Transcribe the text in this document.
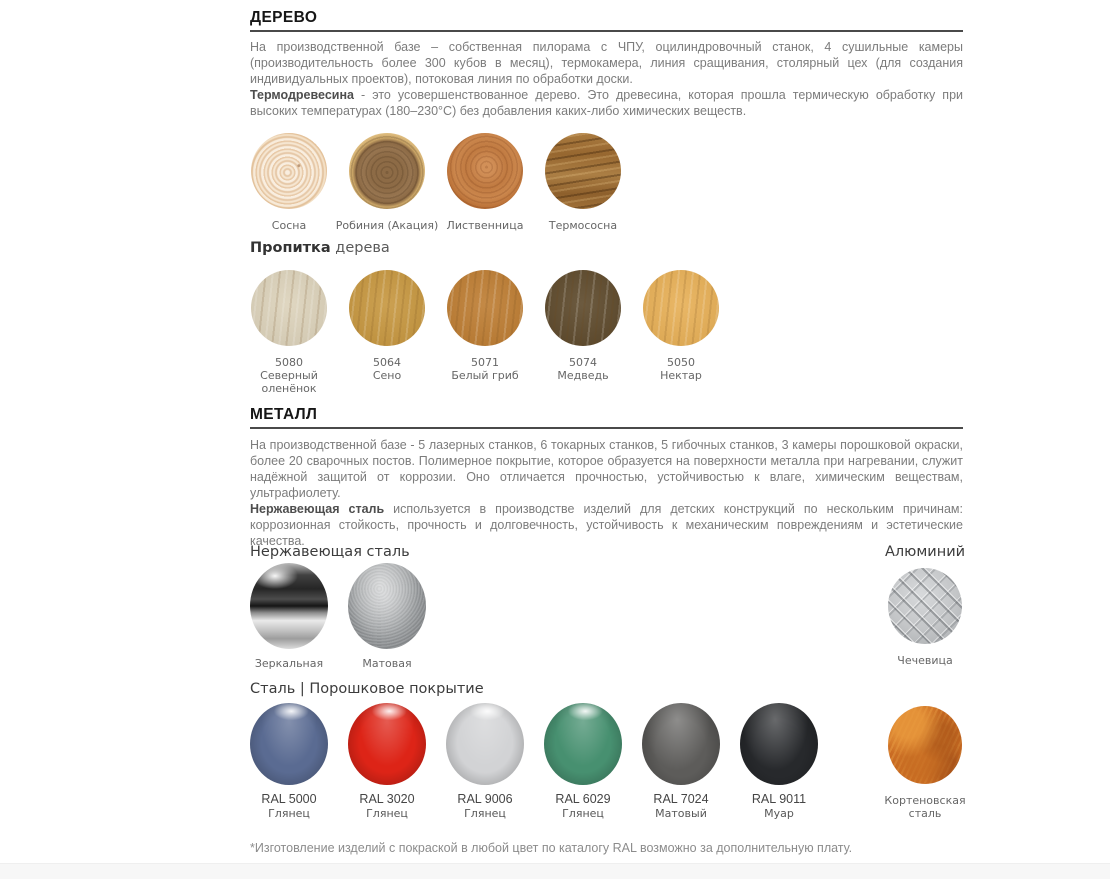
ДЕРЕВО
На производственной базе – собственная пилорама с ЧПУ, оцилиндровочный станок, 4 сушильные камеры (производительность более 300 кубов в месяц), термокамера, линия сращивания, столярный цех (для создания индивидуальных проектов), потоковая линия по обработки доски.
Термодревесина - это усовершенствованное дерево. Это древесина, которая прошла термическую обработку при высоких температурах (180–230°С) без добавления каких-либо химических веществ.
Сосна	Робиния (Акация) Лиственница Термососна
Пропитка дерева
5080
Северный оленёнок
5064
Сено
5071
Белый гриб
5074
Медведь
5050
Нектар
МЕТАЛЛ
На производственной базе - 5 лазерных станков, 6 токарных станков, 5 гибочных станков, 3 камеры порошковой окраски, более 20 сварочных постов. Полимерное покрытие, которое образуется на поверхности металла при нагревании, служит надёжной защитой от коррозии. Оно отличается прочностью, устойчивостью к влаге, химическим веществам, ультрафиолету.
Нержавеющая сталь используется в производстве изделий для детских конструкций по нескольким причинам: коррозионная стойкость, прочность и долговечность, устойчивость к механическим повреждениям и эстетические качества.
Нержавеющая сталь	Алюминий
Зеркальная	Матовая	Чечевица
Сталь | Порошковое покрытие
RAL 5000
Глянец
RAL 3020
Глянец
RAL 9006
Глянец
RAL 6029
Глянец
RAL 7024
Матовый
RAL 9011
Муар
Кортеновская сталь
*Изготовление изделий с покраской в любой цвет по каталогу RAL возможно за дополнительную плату.
